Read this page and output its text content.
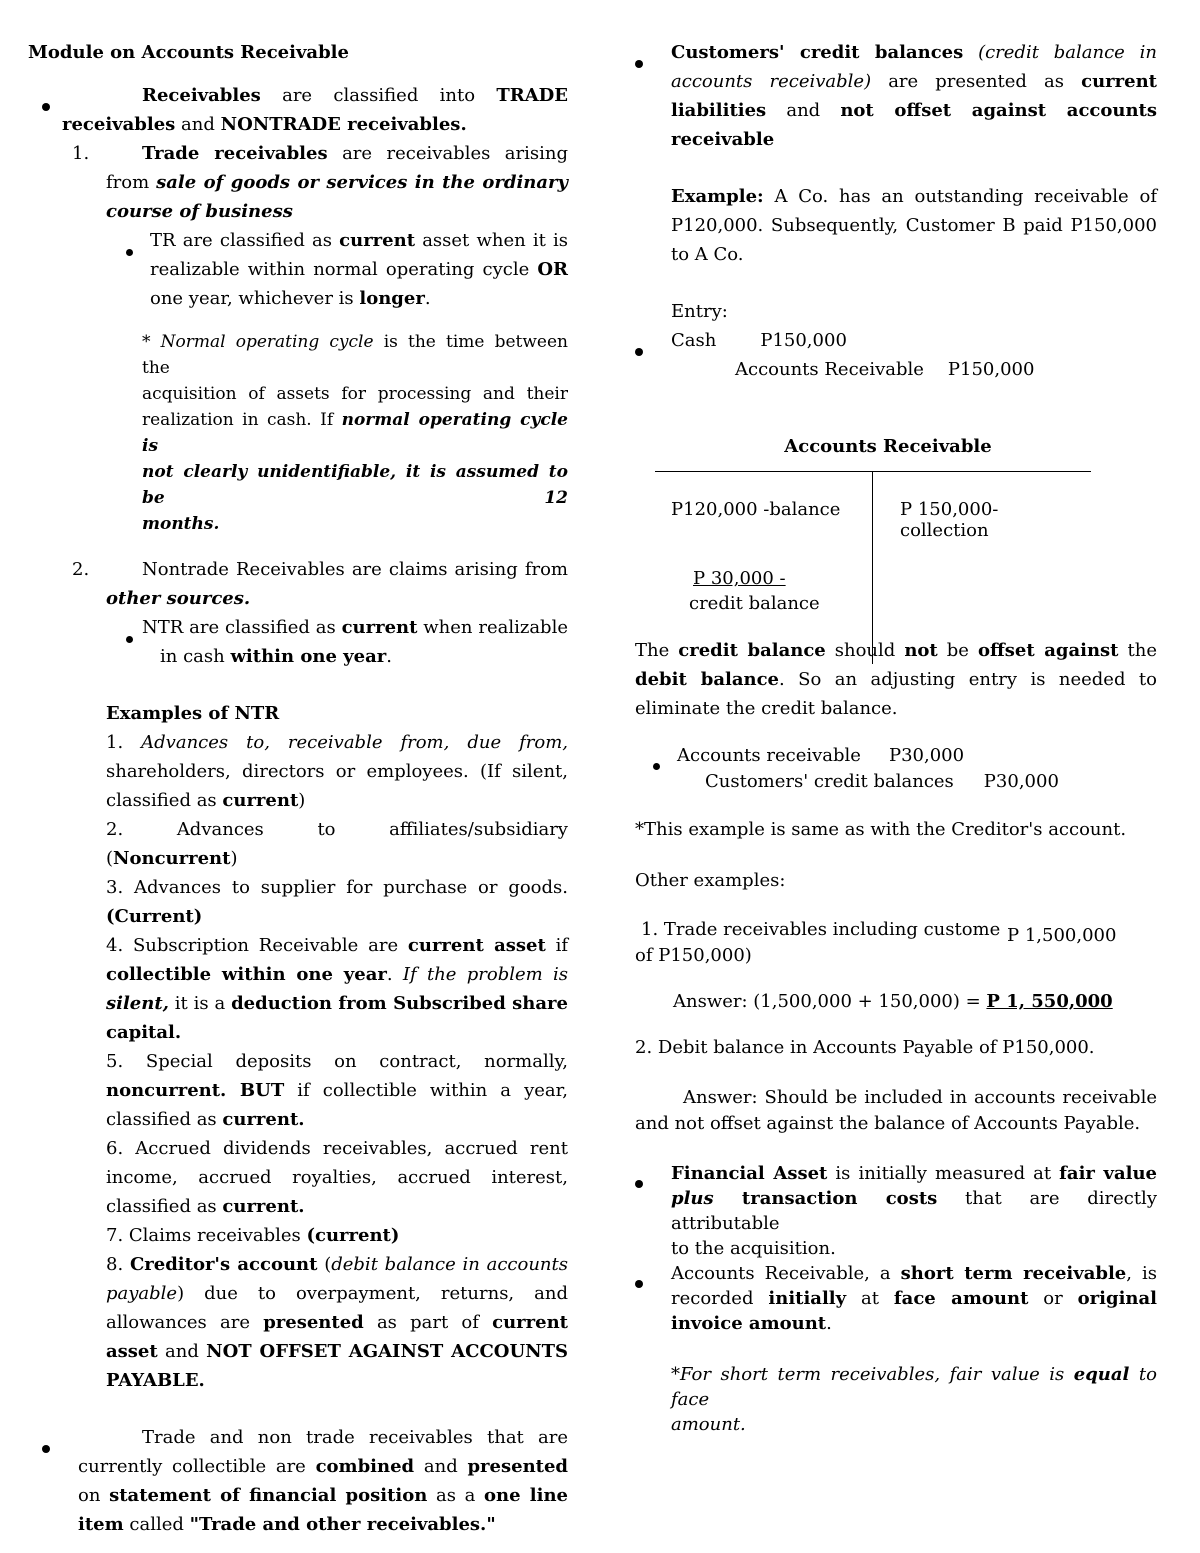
Module on Accounts Receivable
Receivables are classified into TRADE
receivables and NONTRADE receivables.
1.	Trade receivables are receivables arising
from sale of goods or services in the ordinary
course of business
TR are classified as current asset when it is
realizable within normal operating cycle OR
one year, whichever is longer.
* Normal operating cycle is the time between the
acquisition of assets for processing and their
realization in cash. If normal operating cycle is
not clearly unidentifiable, it is assumed to be 12
months.
2.	Nontrade Receivables are claims arising from
other sources.
NTR are classified as current when realizable
in cash within one year.
Examples of NTR
1. Advances to, receivable from, due from,
shareholders, directors or employees. (If silent,
classified as current)
2.	Advances	to	affiliates/subsidiary
(Noncurrent)
3. Advances to supplier for purchase or goods.
(Current)
4. Subscription Receivable are current asset if
collectible within one year. If the problem is
silent, it is a deduction from Subscribed share
capital.
5. Special deposits on contract, normally,
noncurrent. BUT if collectible within a year,
classified as current.
6. Accrued dividends receivables, accrued rent
income, accrued royalties, accrued interest,
classified as current.
7. Claims receivables (current)
8. Creditor's account (debit balance in accounts
payable) due to overpayment, returns, and
allowances are presented as part of current
asset and NOT OFFSET AGAINST ACCOUNTS
PAYABLE.
Trade and non trade receivables that are
currently collectible are combined and presented
on statement of financial position as a one line
item called "Trade and other receivables."
Customers' credit balances (credit balance in
accounts receivable) are presented as current
liabilities and not offset against accounts
receivable
Example: A Co. has an outstanding receivable of
P120,000. Subsequently, Customer B paid P150,000
to A Co.
Entry:
Cash P150,000
Accounts Receivable P150,000
Accounts Receivable
P120,000 -balance	P 150,000- collection
P 30,000 -
credit balance
The credit balance should not be offset against the
debit balance. So an adjusting entry is needed to
eliminate the credit balance.
Accounts receivable P30,000
Customers' credit balances P30,000
*This example is same as with the Creditor's account.
Other examples:
1. Trade receivables including custome P 1,500,000
of P150,000)
Answer: (1,500,000 + 150,000) = P 1, 550,000
2. Debit balance in Accounts Payable of P150,000.
Answer: Should be included in accounts receivable
and not offset against the balance of Accounts Payable.
Financial Asset is initially measured at fair value
plus transaction costs that are directly attributable
to the acquisition.
Accounts Receivable, a short term receivable, is
recorded initially at face amount or original
invoice amount.
*For short term receivables, fair value is equal to face
amount.
